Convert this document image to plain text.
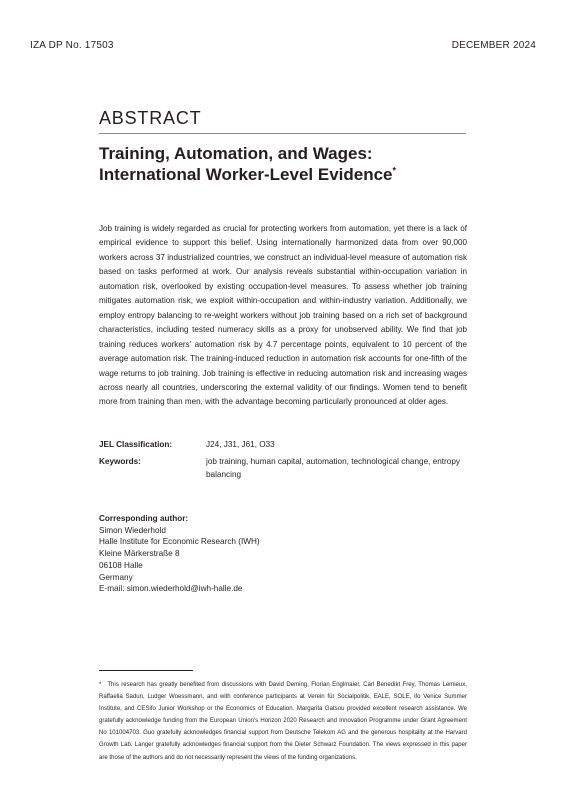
IZA DP No. 17503	DECEMBER 2024
ABSTRACT
Training, Automation, and Wages:
International Worker-Level Evidence*

Job training is widely regarded as crucial for protecting workers from automation, yet there is a lack of empirical evidence to support this belief. Using internationally harmonized data from over 90,000 workers across 37 industrialized countries, we construct an individual-level measure of automation risk based on tasks performed at work. Our analysis reveals substantial within-occupation variation in automation risk, overlooked by existing occupation-level measures. To assess whether job training mitigates automation risk, we exploit within-occupation and within-industry variation. Additionally, we employ entropy balancing to re-weight workers without job training based on a rich set of background characteristics, including tested numeracy skills as a proxy for unobserved ability. We find that job training reduces workers' automation risk by 4.7 percentage points, equivalent to 10 percent of the average automation risk. The training-induced reduction in automation risk accounts for one-fifth of the wage returns to job training. Job training is effective in reducing automation risk and increasing wages across nearly all countries, underscoring the external validity of our findings. Women tend to benefit more from training than men, with the advantage becoming particularly pronounced at older ages.

JEL Classification:	J24, J31, J61, O33
Keywords:	job training, human capital, automation, technological change, entropy balancing
Corresponding author:
Simon Wiederhold
Halle Institute for Economic Research (IWH)
Kleine Märkerstraße 8
06108 Halle
Germany
E-mail: simon.wiederhold@iwh-halle.de

* This research has greatly benefited from discussions with David Deming, Florian Englmaier, Carl Benedikt Frey, Thomas Lemieux, Raffaella Sadun, Ludger Woessmann, and with conference participants at Verein für Socialpolitik, EALE, SOLE, ifo Venice Summer Institute, and CESifo Junior Workshop or the Economics of Education. Margarita Gatsou provided excellent research assistance. We gratefully acknowledge funding from the European Union's Horizon 2020 Research and Innovation Programme under Grant Agreement No 101004703. Guo gratefully acknowledges financial support from Deutsche Telekom AG and the generous hospitality at the Harvard Growth Lab. Langer gratefully acknowledges financial support from the Dieter Schwarz Foundation. The views expressed in this paper are those of the authors and do not necessarily represent the views of the funding organizations.
